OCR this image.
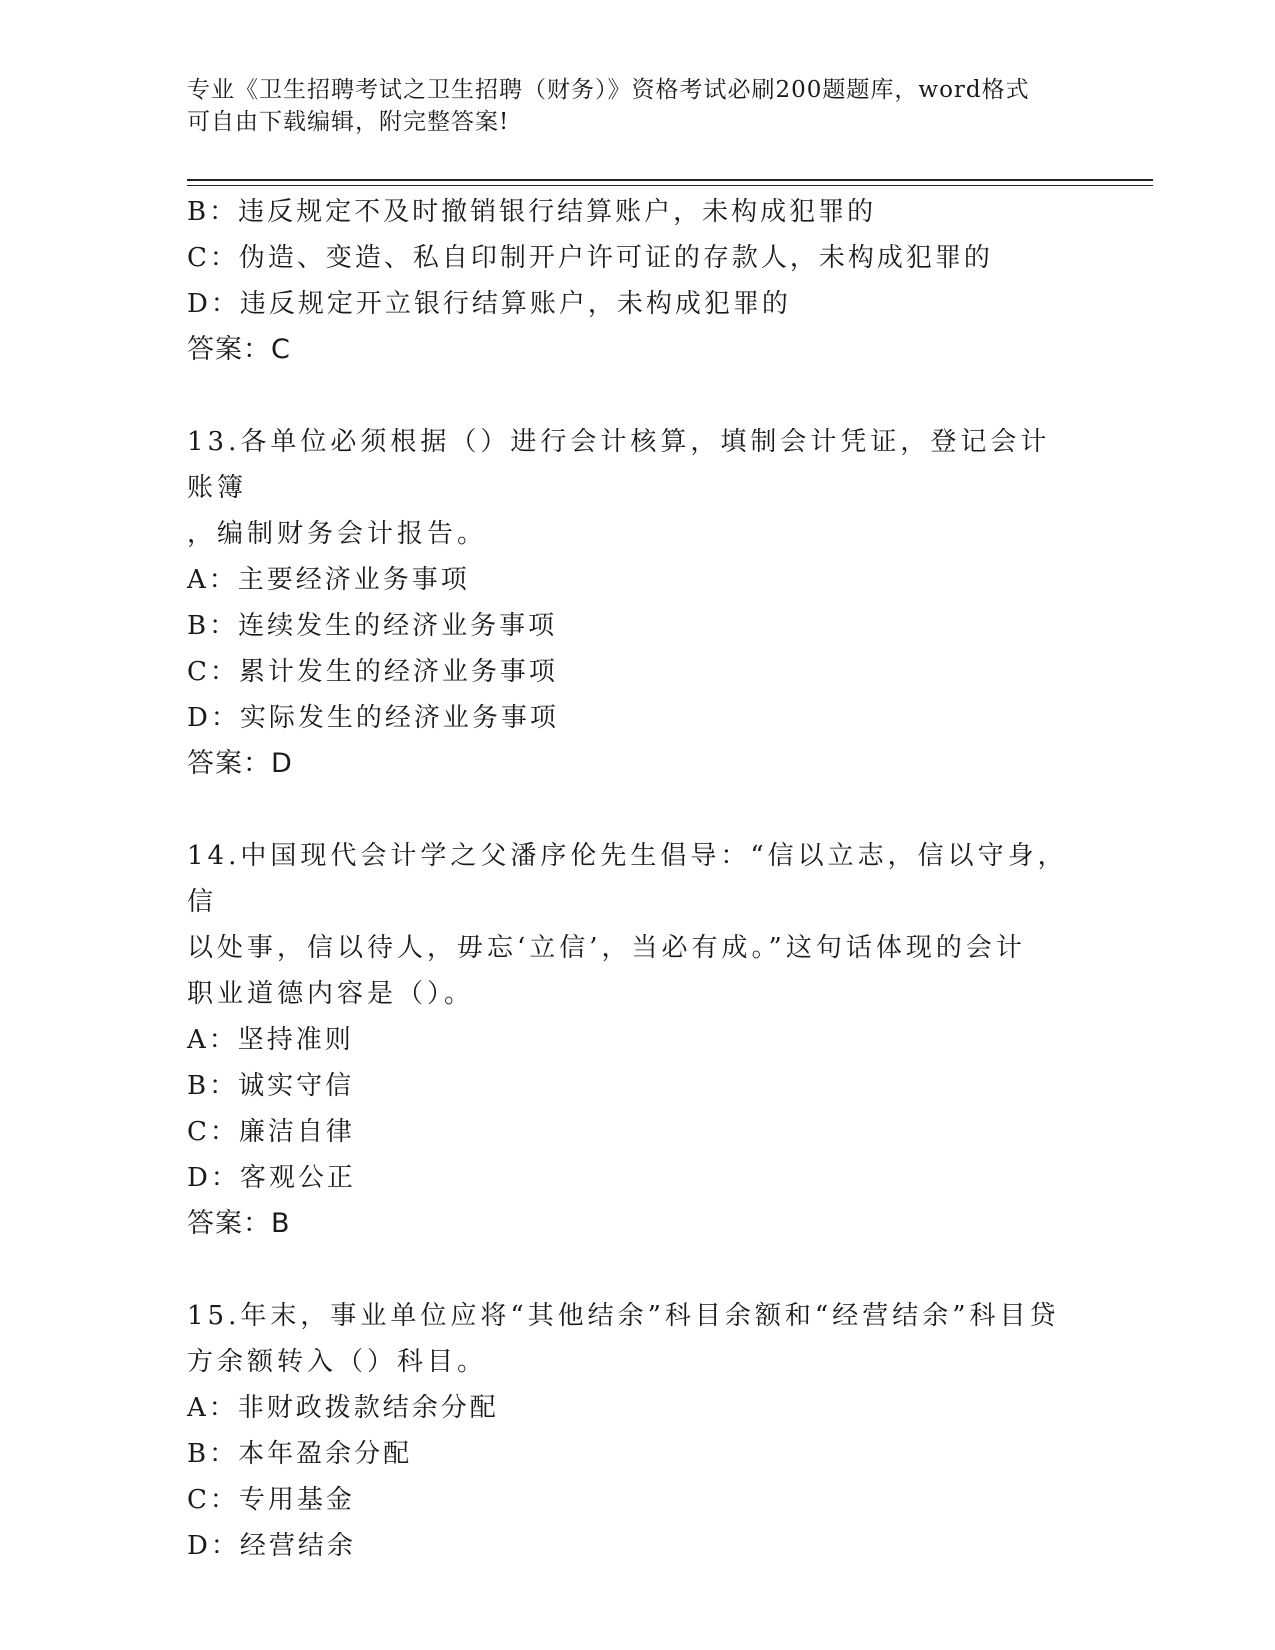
专业《卫生招聘考试之卫生招聘（财务）》资格考试必刷200题题库，word格式
可自由下载编辑，附完整答案!
B：违反规定不及时撤销银行结算账户，未构成犯罪的
C：伪造、变造、私自印制开户许可证的存款人，未构成犯罪的
D：违反规定开立银行结算账户，未构成犯罪的
答案：C
13.各单位必须根据（）进行会计核算，填制会计凭证，登记会计账簿
，编制财务会计报告。
A：主要经济业务事项
B：连续发生的经济业务事项
C：累计发生的经济业务事项
D：实际发生的经济业务事项
答案：D
14.中国现代会计学之父潘序伦先生倡导：“信以立志，信以守身，信
以处事，信以待人，毋忘‘立信’，当必有成。”这句话体现的会计
职业道德内容是（）。
A：坚持准则
B：诚实守信
C：廉洁自律
D：客观公正
答案：B
15.年末，事业单位应将“其他结余”科目余额和“经营结余”科目贷
方余额转入（）科目。
A：非财政拨款结余分配
B：本年盈余分配
C：专用基金
D：经营结余
